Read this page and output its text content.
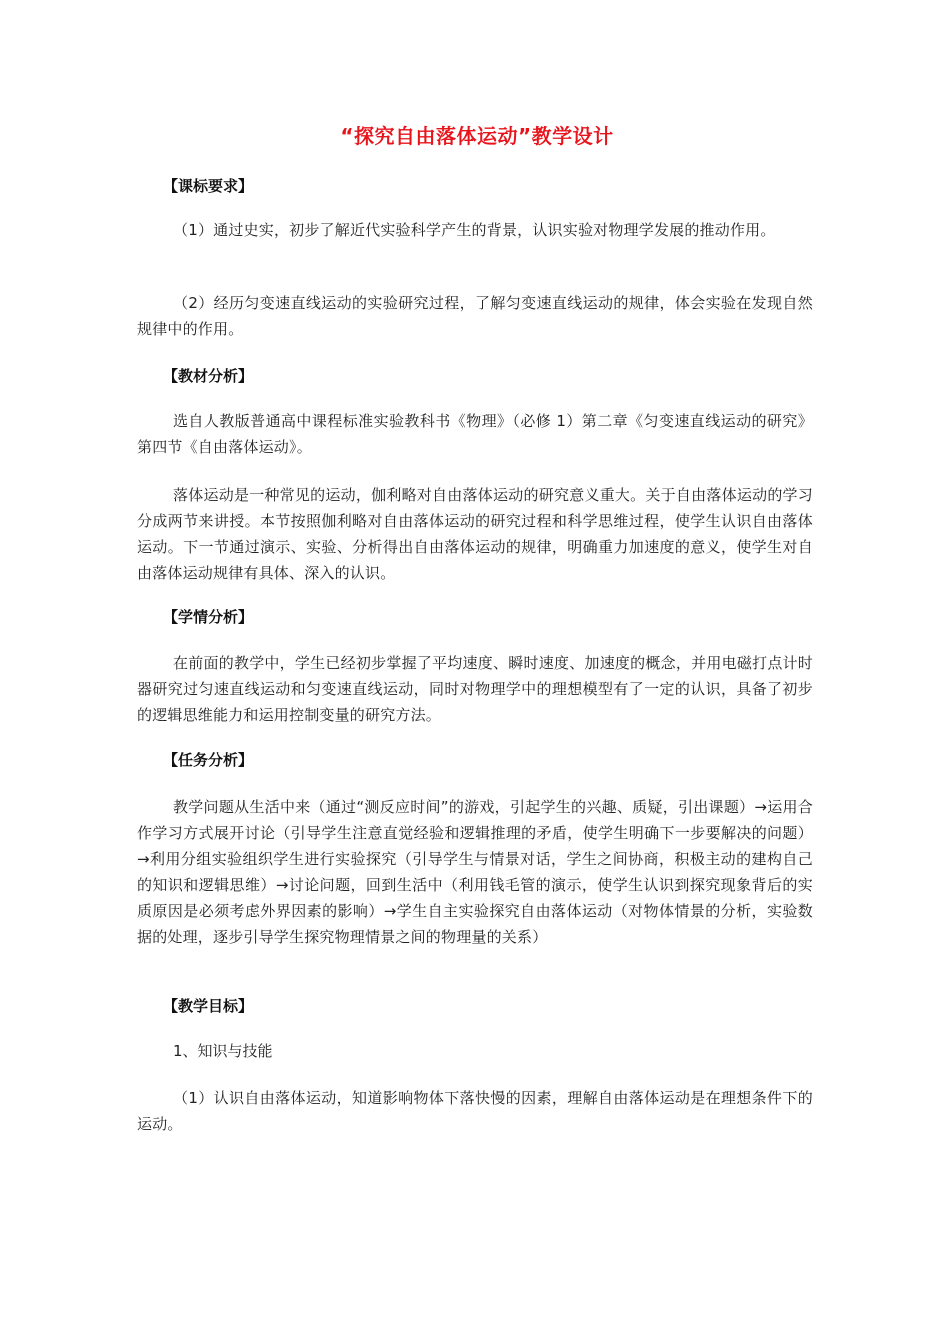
“探究自由落体运动”教学设计
【课标要求】
（1）通过史实，初步了解近代实验科学产生的背景，认识实验对物理学发展的推动作用。
（2）经历匀变速直线运动的实验研究过程，了解匀变速直线运动的规律，体会实验在发现自然规律中的作用。
【教材分析】
选自人教版普通高中课程标准实验教科书《物理》（必修 1）第二章《匀变速直线运动的研究》第四节《自由落体运动》。
落体运动是一种常见的运动，伽利略对自由落体运动的研究意义重大。关于自由落体运动的学习分成两节来讲授。本节按照伽利略对自由落体运动的研究过程和科学思维过程，使学生认识自由落体运动。下一节通过演示、实验、分析得出自由落体运动的规律，明确重力加速度的意义，使学生对自由落体运动规律有具体、深入的认识。
【学情分析】
在前面的教学中，学生已经初步掌握了平均速度、瞬时速度、加速度的概念，并用电磁打点计时器研究过匀速直线运动和匀变速直线运动，同时对物理学中的理想模型有了一定的认识，具备了初步的逻辑思维能力和运用控制变量的研究方法。
【任务分析】
教学问题从生活中来（通过“测反应时间”的游戏，引起学生的兴趣、质疑，引出课题）→运用合作学习方式展开讨论（引导学生注意直觉经验和逻辑推理的矛盾，使学生明确下一步要解决的问题）→利用分组实验组织学生进行实验探究（引导学生与情景对话，学生之间协商，积极主动的建构自己的知识和逻辑思维）→讨论问题，回到生活中（利用钱毛管的演示，使学生认识到探究现象背后的实质原因是必须考虑外界因素的影响）→学生自主实验探究自由落体运动（对物体情景的分析，实验数据的处理，逐步引导学生探究物理情景之间的物理量的关系）
【教学目标】
1、知识与技能
（1）认识自由落体运动，知道影响物体下落快慢的因素，理解自由落体运动是在理想条件下的运动。
